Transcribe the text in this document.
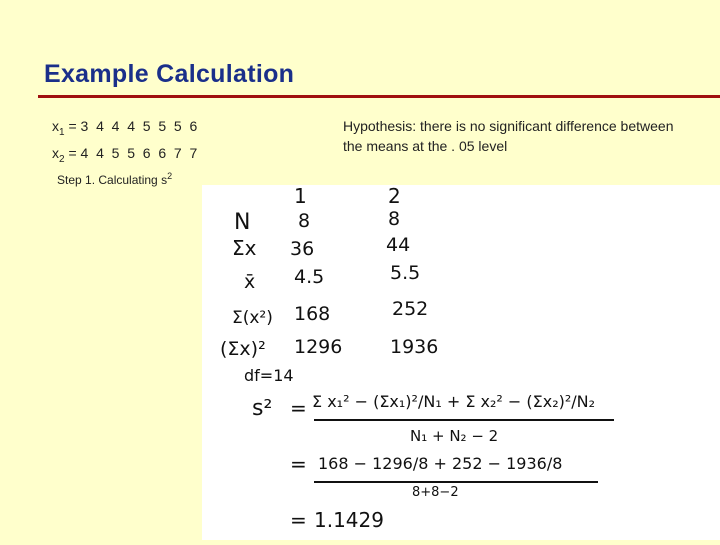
Example Calculation
$x_1 = 3$  4  4  4  5  5  5  6
$x_2 = 4$  4  5  5  6  6  7  7
Hypothesis: there is no significant difference between the means at the . 05 level
Step 1. Calculating $s^2$
1	2
N
Σx
x̄
Σ(x²)
(Σx)²
8
36
4.5
168
1296
8
44
5.5
252
1936
df=14
s² = Σ x₁² − (Σx₁)²/N₁ + Σ x₂² − (Σx₂)²/N₂
N₁ + N₂ − 2
= 168 − 1296/8 + 252 − 1936/8
8+8−2
= 1.1429
